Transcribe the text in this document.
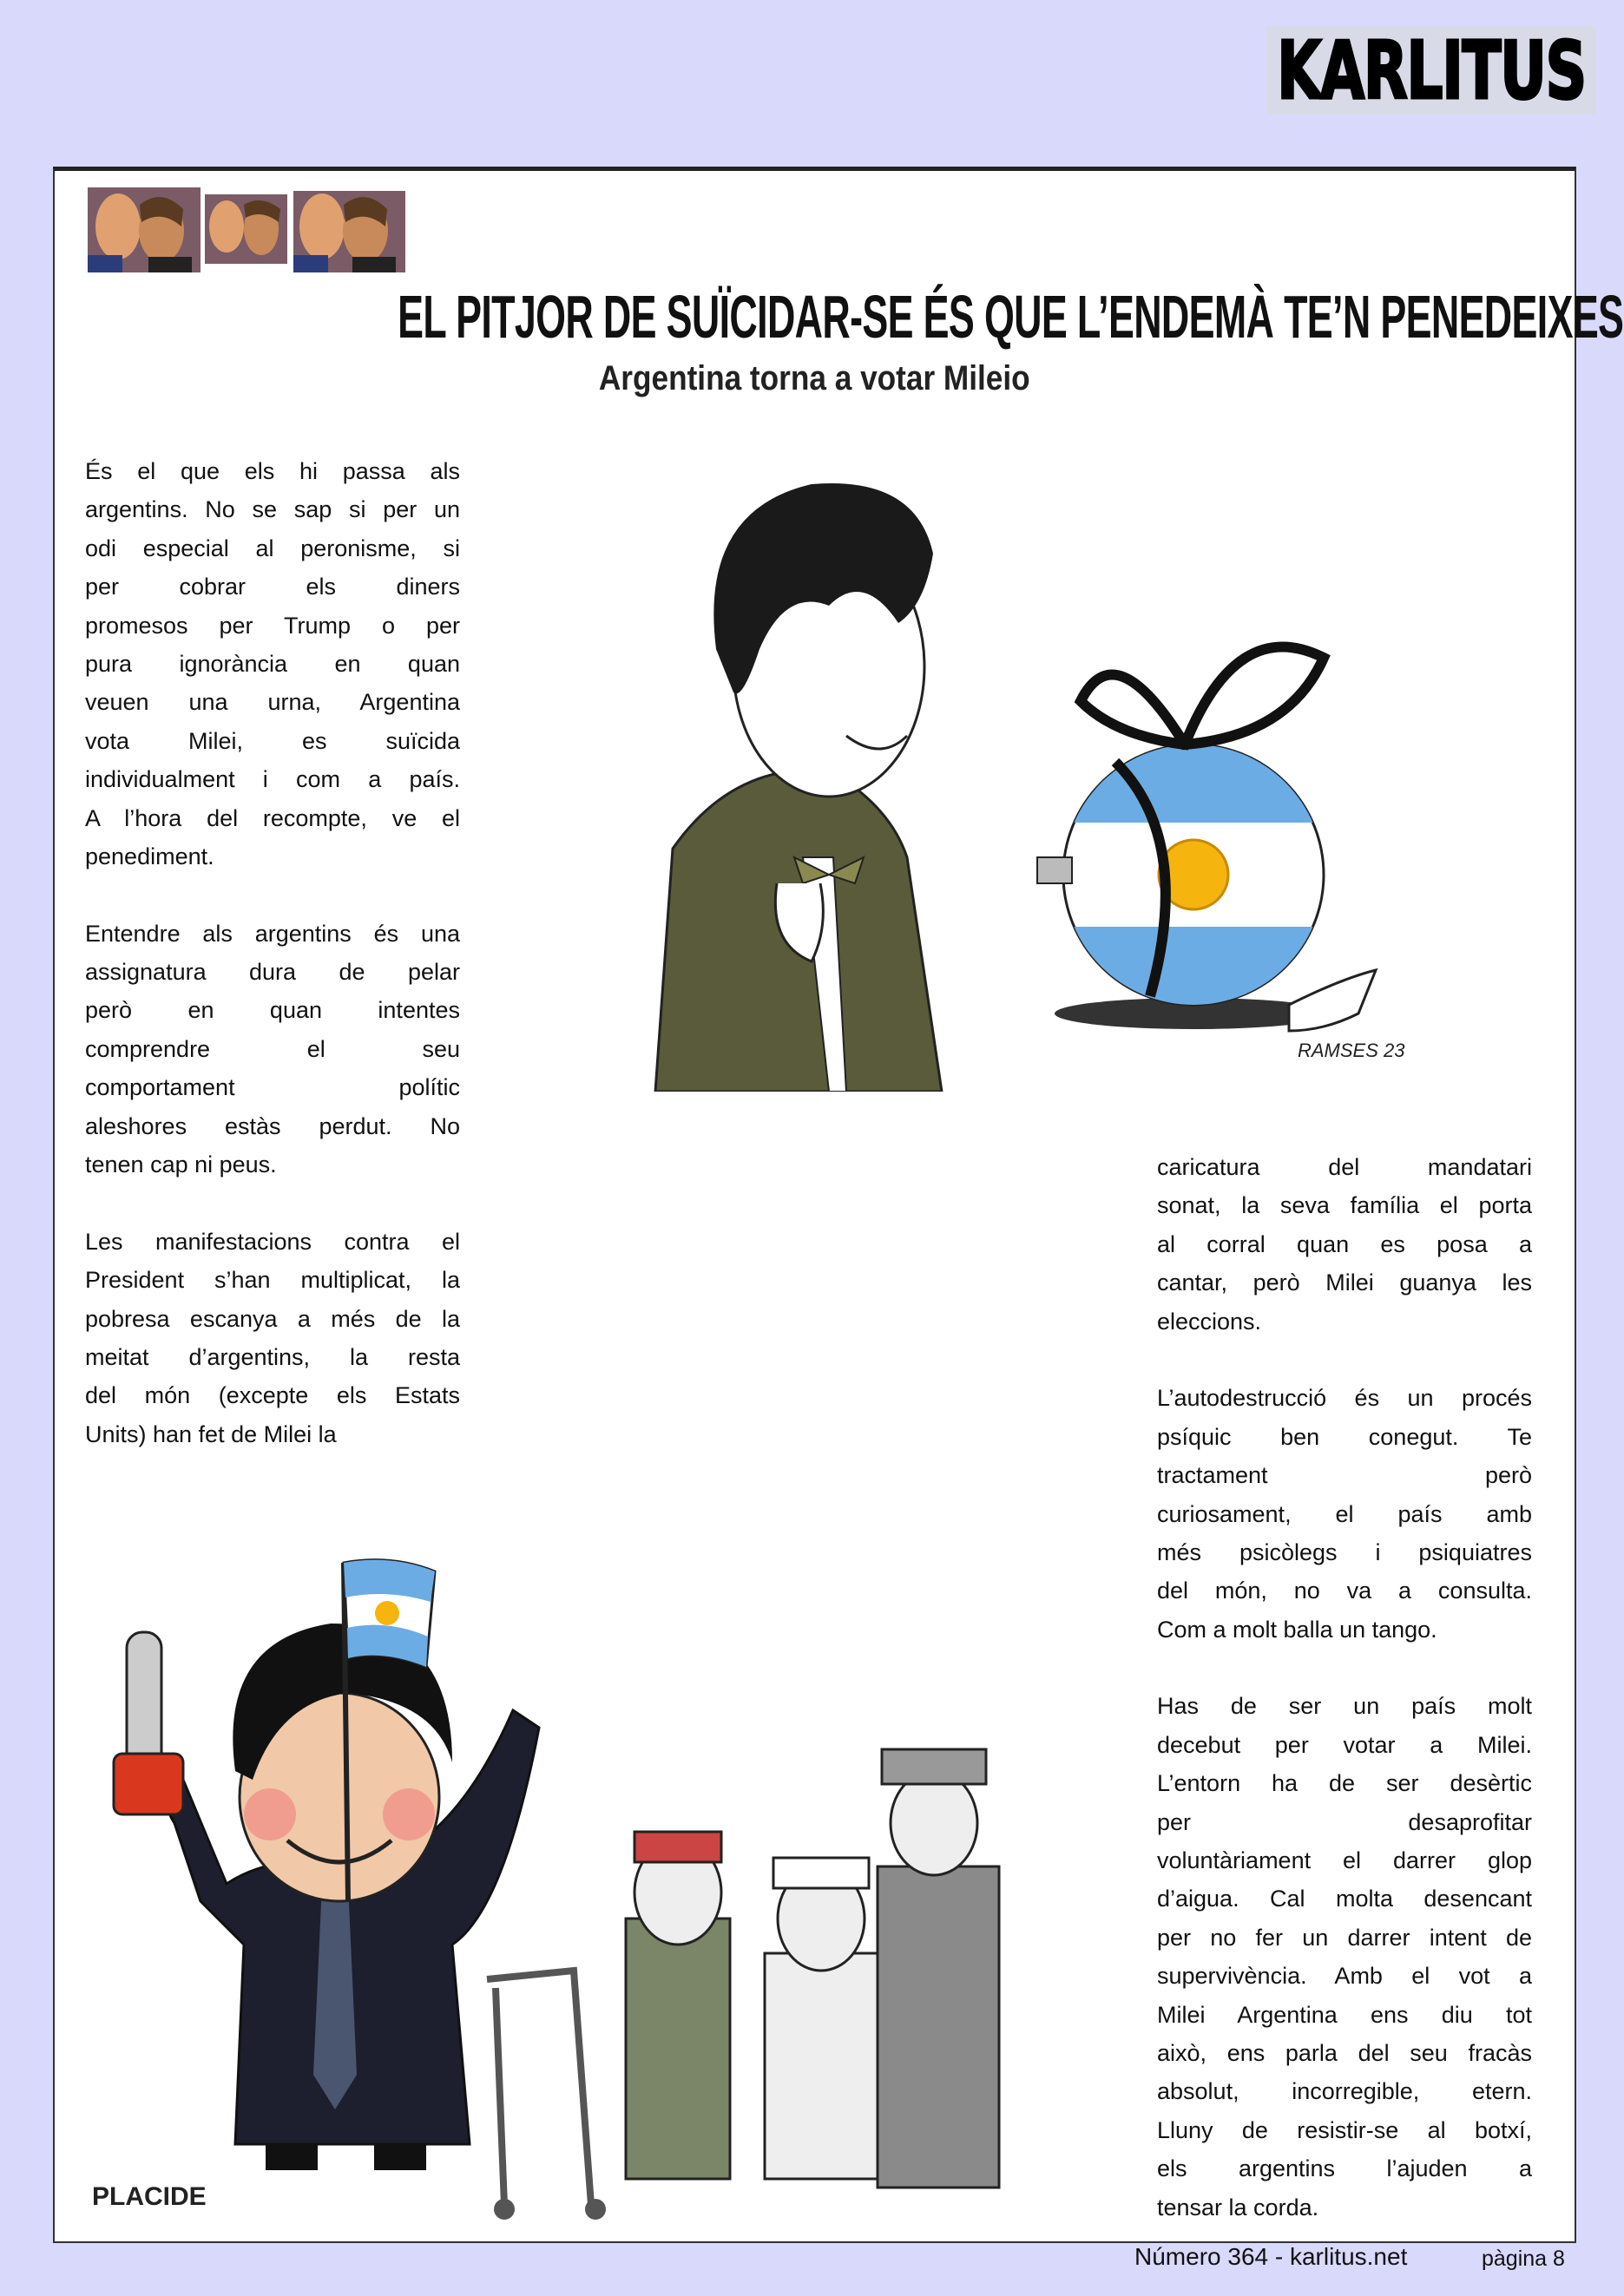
KARLITUS
EL PITJOR DE SUÏCIDAR-SE ÉS QUE L’ENDEMÀ TE’N PENEDEIXES
Argentina torna a votar Mileio
És el que els hi passa als
argentins. No se sap si per un
odi especial al peronisme, si
per cobrar els diners
promesos per Trump o per
pura ignorància en quan
veuen una urna, Argentina
vota Milei, es suïcida
individualment i com a país.
A l’hora del recompte, ve el
penediment.
Entendre als argentins és una
assignatura dura de pelar
però en quan intentes
comprendre el seu
comportament polític
aleshores estàs perdut. No
tenen cap ni peus.
Les manifestacions contra el
President s’han multiplicat, la
pobresa escanya a més de la
meitat d’argentins, la resta
del món (excepte els Estats
Units) han fet de Milei la
caricatura del mandatari
sonat, la seva família el porta
al corral quan es posa a
cantar, però Milei guanya les
eleccions.
L’autodestrucció és un procés
psíquic ben conegut. Te
tractament però
curiosament, el país amb
més psicòlegs i psiquiatres
del món, no va a consulta.
Com a molt balla un tango.
Has de ser un país molt
decebut per votar a Milei.
L’entorn ha de ser desèrtic
per desaprofitar
voluntàriament el darrer glop
d’aigua. Cal molta desencant
per no fer un darrer intent de
supervivència. Amb el vot a
Milei Argentina ens diu tot
això, ens parla del seu fracàs
absolut, incorregible, etern.
Lluny de resistir-se al botxí,
els argentins l’ajuden a
tensar la corda.
RAMSES 23
PLACIDE
Número 364 - karlitus.net	pàgina 8
